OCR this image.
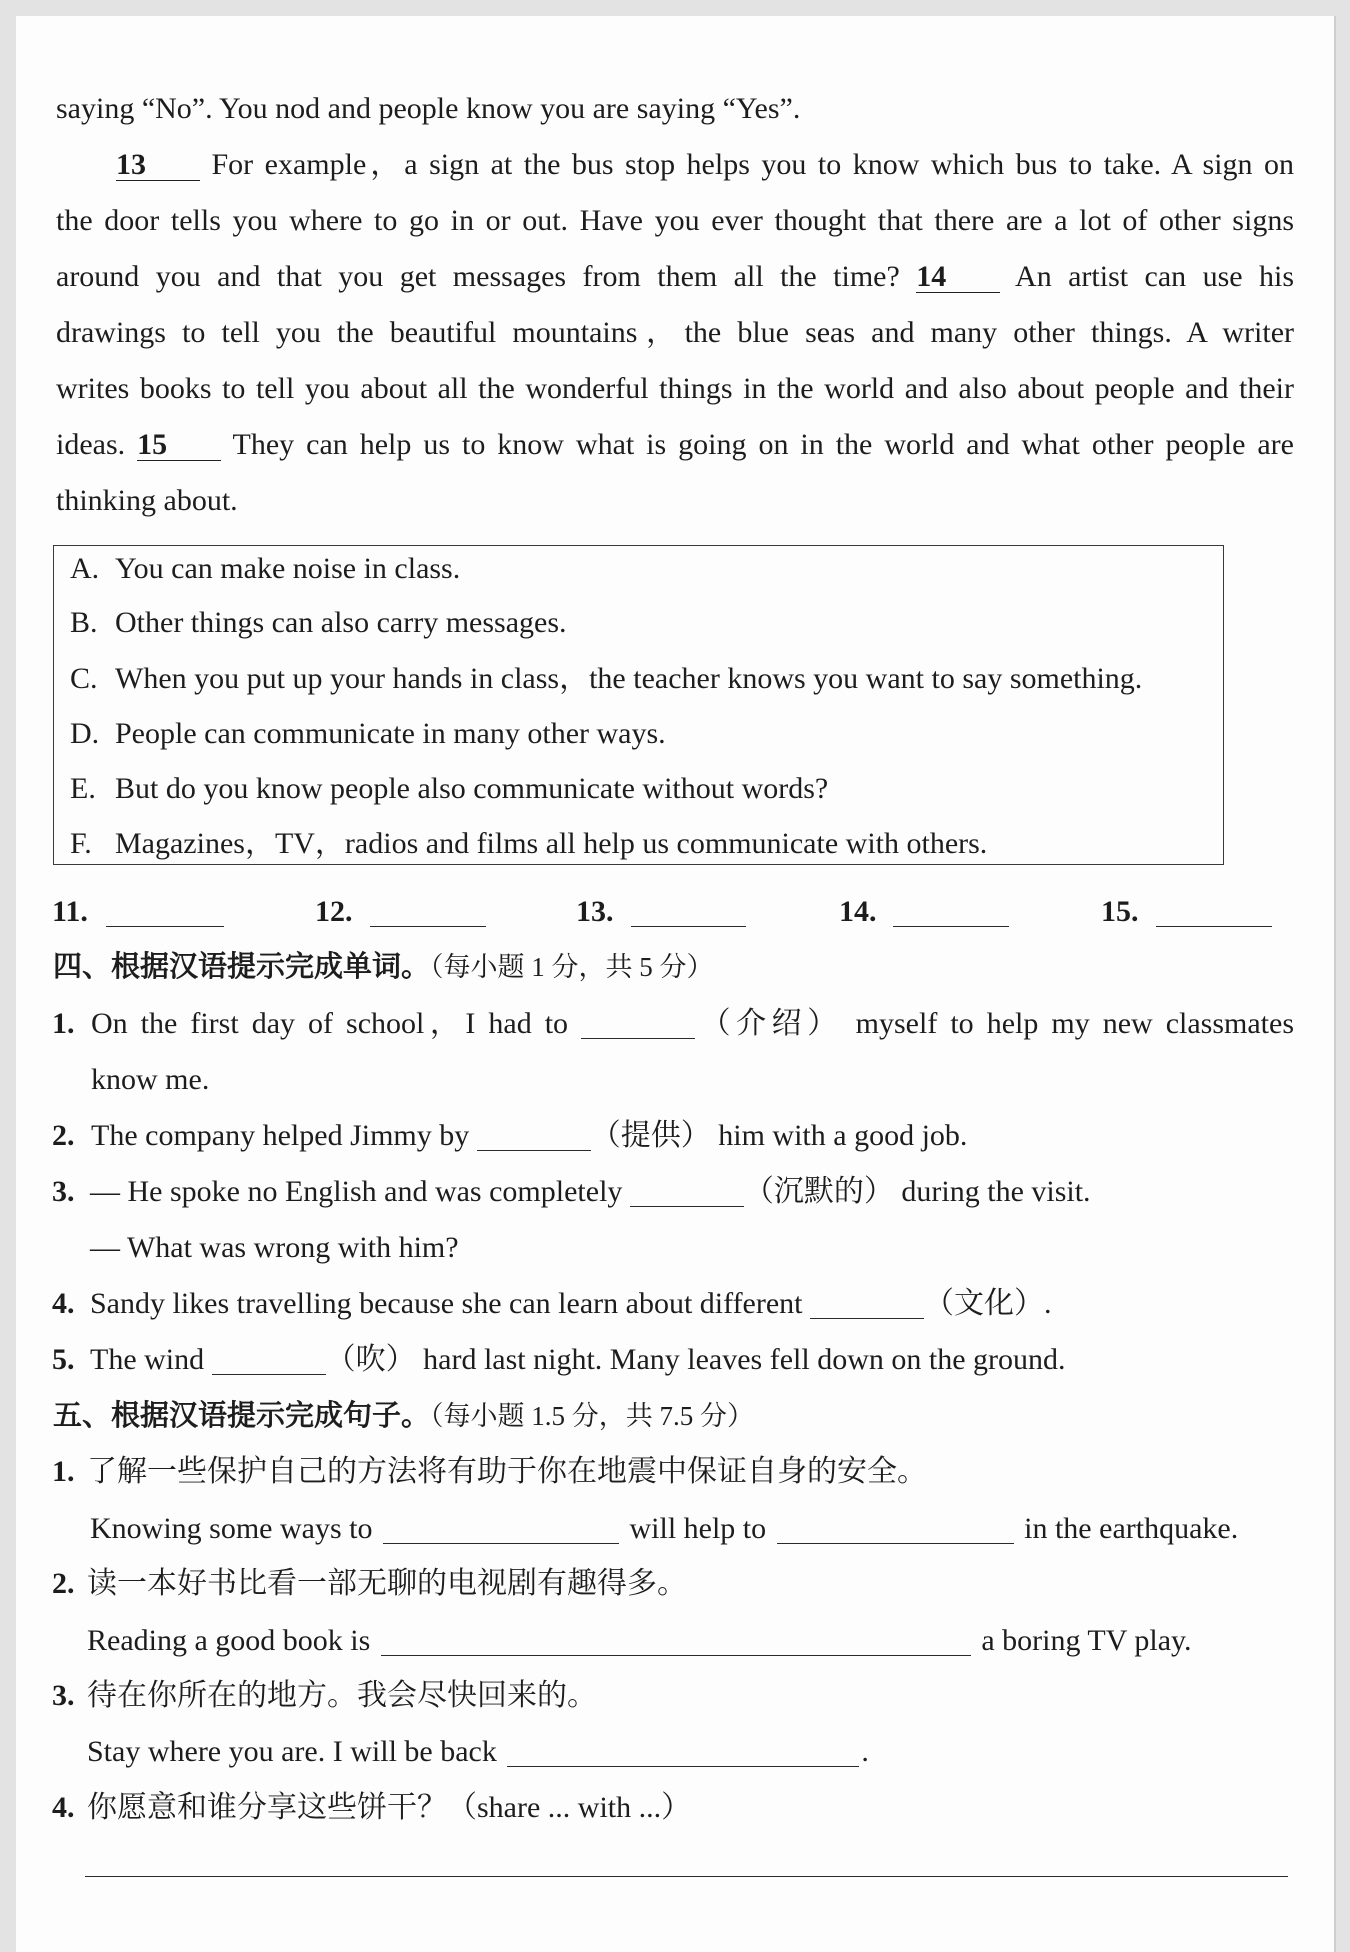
saying “No”. You nod and people know you are saying “Yes”.
13 For example，a sign at the bus stop helps you to know which bus to take. A sign on
the door tells you where to go in or out. Have you ever thought that there are a lot of other signs
around you and that you get messages from them all the time? 14 An artist can use his
drawings to tell you the beautiful mountains，the blue seas and many other things. A writer
writes books to tell you about all the wonderful things in the world and also about people and their
ideas. 15 They can help us to know what is going on in the world and what other people are
thinking about.
A. You can make noise in class.
B. Other things can also carry messages.
C. When you put up your hands in class，the teacher knows you want to say something.
D. People can communicate in many other ways.
E. But do you know people also communicate without words?
F. Magazines，TV，radios and films all help us communicate with others.
11.	12.	13.	14.	15.
四、根据汉语提示完成单词。（每小题 1 分，共 5 分）
1. On the first day of school，I had to	（介绍） myself to help my new classmates
know me.
2. The company helped Jimmy by	（提供） him with a good job.
3. — He spoke no English and was completely	（沉默的） during the visit.
— What was wrong with him?
4. Sandy likes travelling because she can learn about different	（文化）.
5. The wind	（吹） hard last night. Many leaves fell down on the ground.
五、根据汉语提示完成句子。（每小题 1.5 分，共 7.5 分）
1. 了解一些保护自己的方法将有助于你在地震中保证自身的安全。
Knowing some ways to	will help to	in the earthquake.
2. 读一本好书比看一部无聊的电视剧有趣得多。
Reading a good book is	a boring TV play.
3. 待在你所在的地方。我会尽快回来的。
Stay where you are. I will be back	.
4. 你愿意和谁分享这些饼干？（share ... with ...）
